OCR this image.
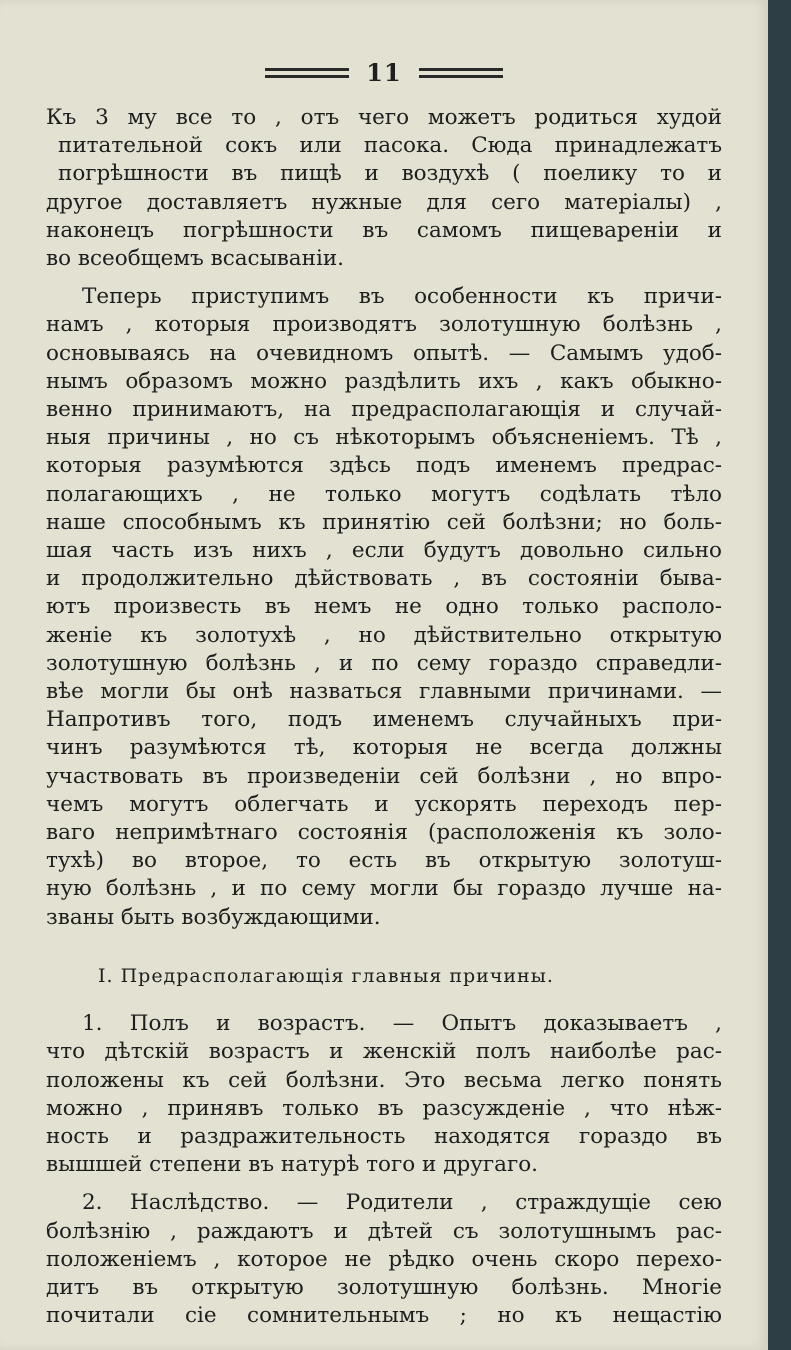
11

Къ 3 му все то , отъ чего можетъ родиться худой
питательной сокъ или пасока. Сюда принадлежатъ
погрѣшности въ пищѣ и воздухѣ ( поелику то и
другое доставляетъ нужные для сего матеріалы) ,
наконецъ погрѣшности въ самомъ пищевареніи и
во всеобщемъ всасываніи.

Теперь приступимъ въ особенности къ причи-
намъ , которыя производятъ золотушную болѣзнь ,
основываясь на очевидномъ опытѣ. — Самымъ удоб-
нымъ образомъ можно раздѣлить ихъ , какъ обыкно-
венно принимаютъ, на предрасполагающія и случай-
ныя причины , но съ нѣкоторымъ объясненіемъ. Тѣ ,
которыя разумѣются здѣсь подъ именемъ предрас-
полагающихъ , не только могутъ содѣлать тѣло
наше способнымъ къ принятію сей болѣзни; но боль-
шая часть изъ нихъ , если будутъ довольно сильно
и продолжительно дѣйствовать , въ состояніи быва-
ютъ произвесть въ немъ не одно только располо-
женіе къ золотухѣ , но дѣйствительно открытую
золотушную болѣзнь , и по сему гораздо справедли-
вѣе могли бы онѣ назваться главными причинами. —
Напротивъ того, подъ именемъ случайныхъ при-
чинъ разумѣются тѣ, которыя не всегда должны
участвовать въ произведеніи сей болѣзни , но впро-
чемъ могутъ облегчать и ускорять переходъ пер-
ваго непримѣтнаго состоянія (расположенія къ золо-
тухѣ) во второе, то есть въ открытую золотуш-
ную болѣзнь , и по сему могли бы гораздо лучше на-
званы быть возбуждающими.

I. Предрасполагающія главныя причины.

1. Полъ и возрастъ. — Опытъ доказываетъ ,
что дѣтскій возрастъ и женскій полъ наиболѣе рас-
положены къ сей болѣзни. Это весьма легко понять
можно , принявъ только въ разсужденіе , что нѣж-
ность и раздражительность находятся гораздо въ
вышшей степени въ натурѣ того и другаго.

2. Наслѣдство. — Родители , страждущіе сею
болѣзнію , раждаютъ и дѣтей съ золотушнымъ рас-
положеніемъ , которое не рѣдко очень скоро перехо-
дитъ въ открытую золотушную болѣзнь. Многіе
почитали сіе сомнительнымъ ; но къ нещастію
